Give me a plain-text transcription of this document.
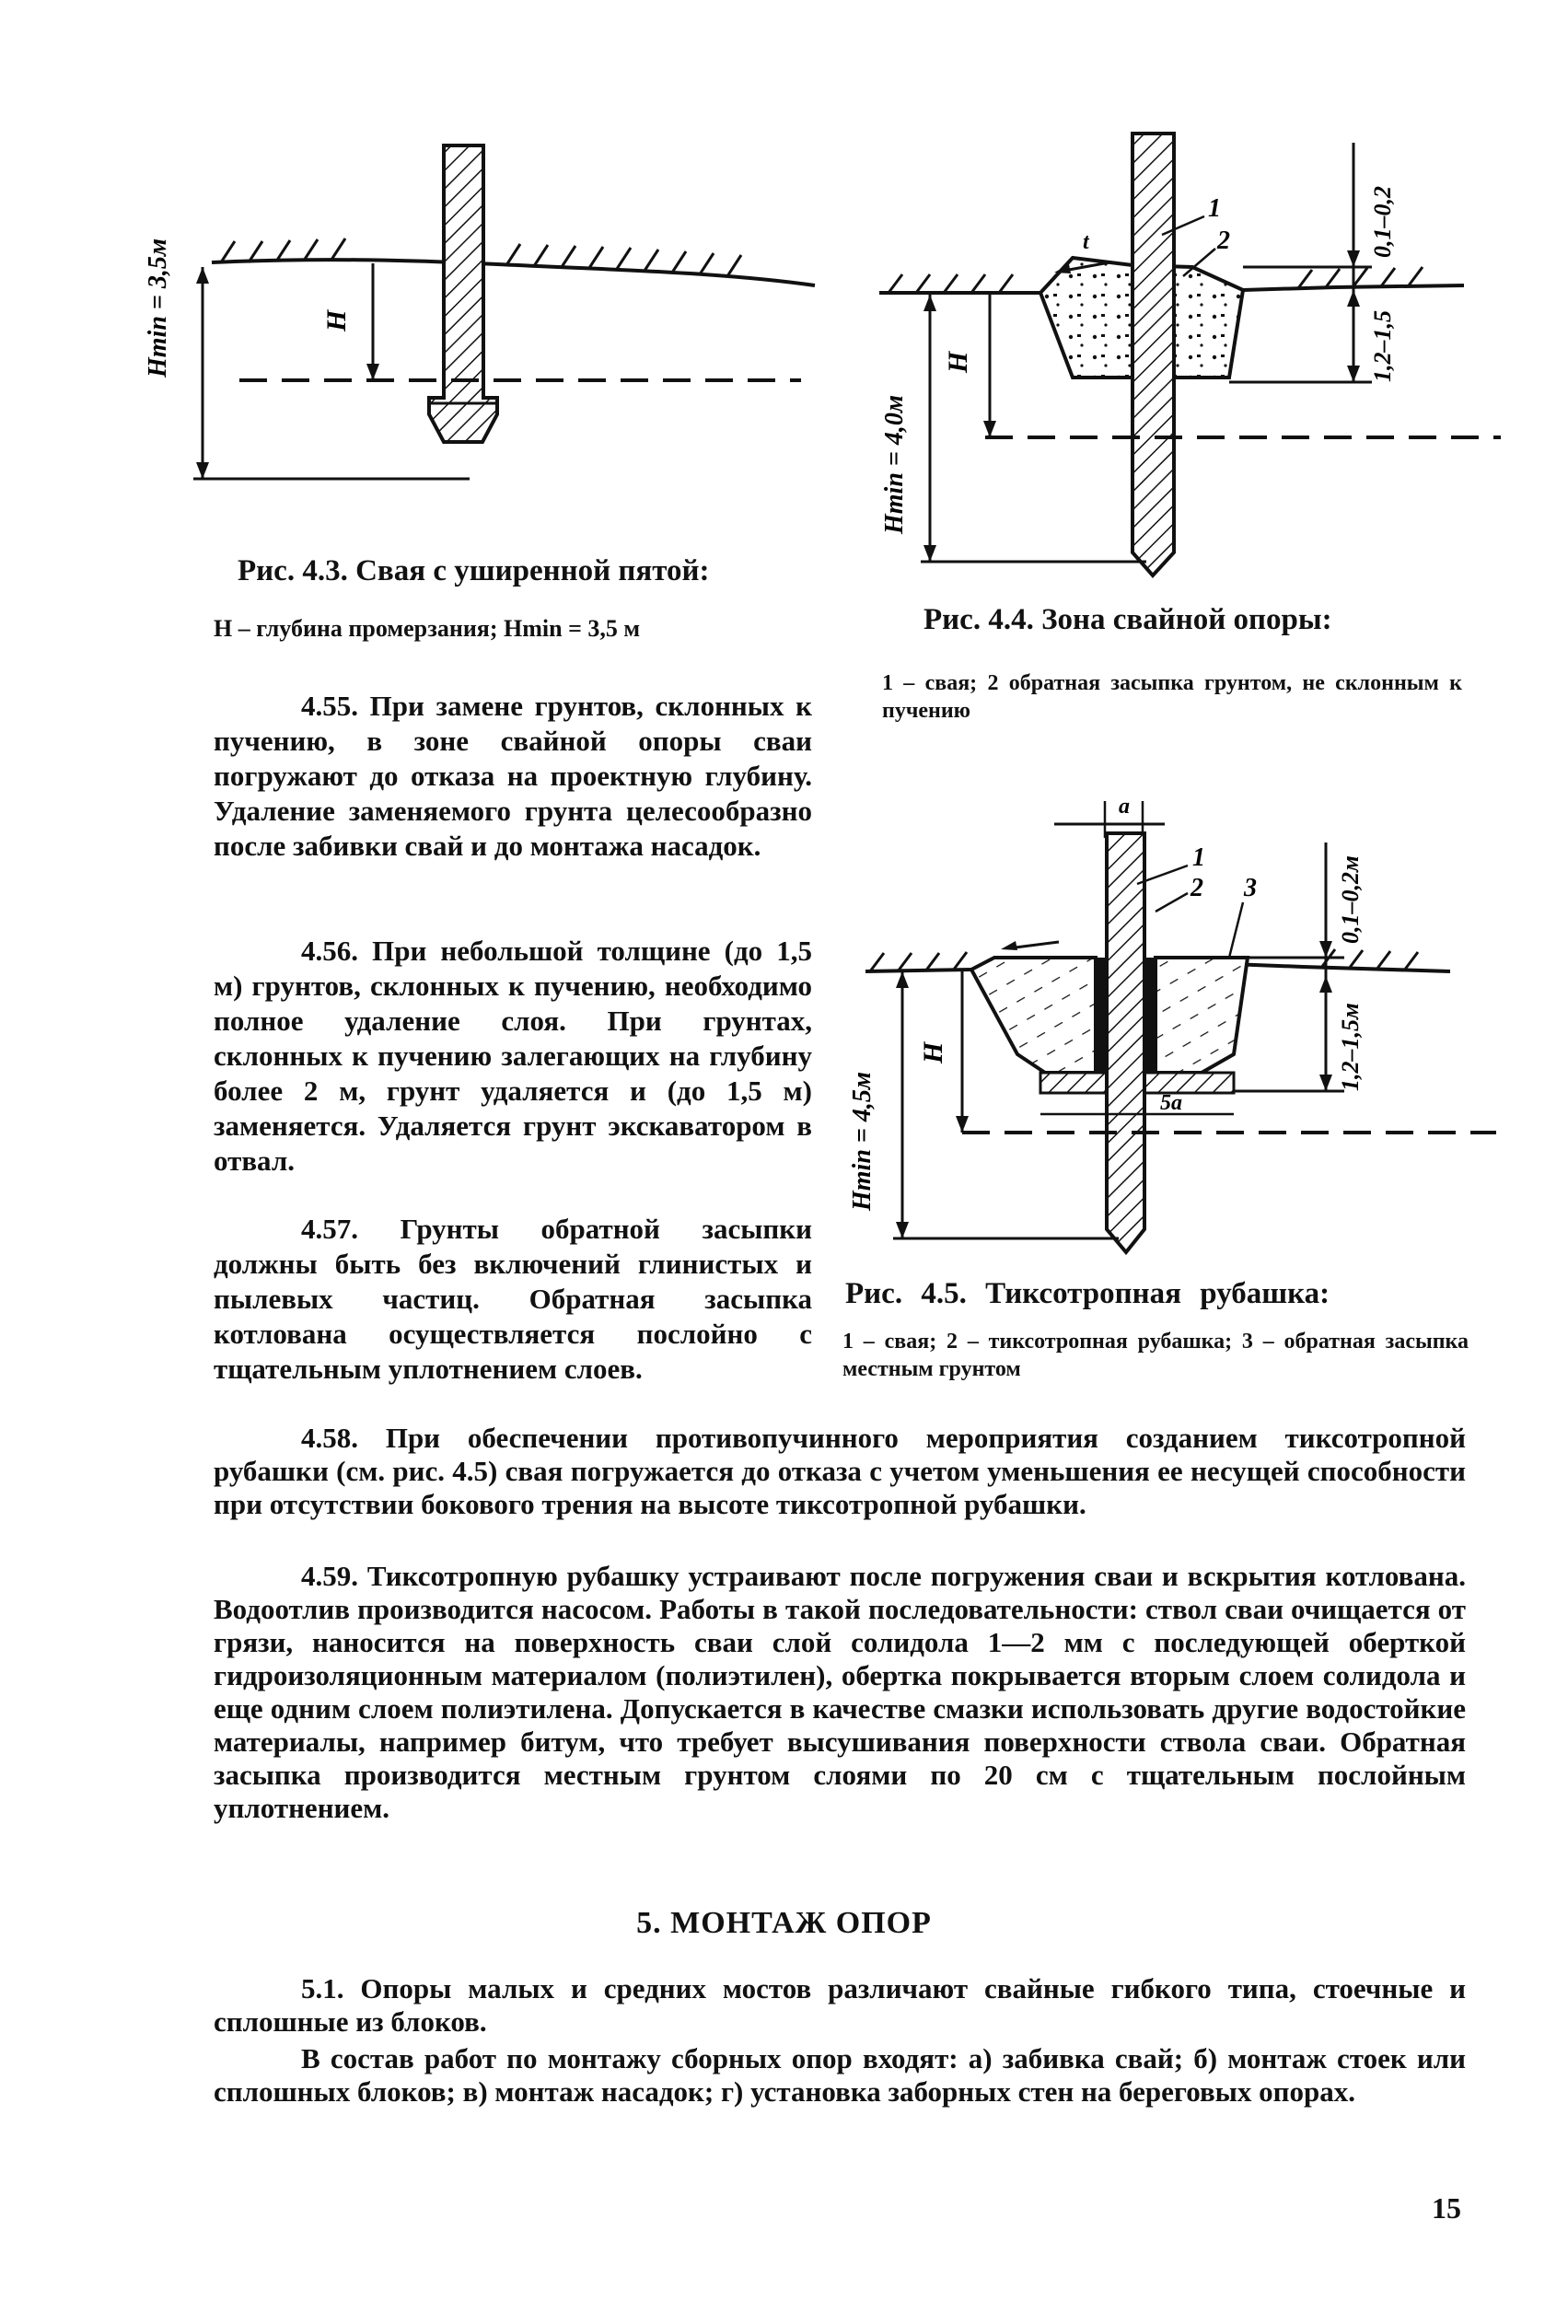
Hmin = 3,5м	H
Рис. 4.3. Свая с уширенной пятой:
H – глубина промерзания; Hmin = 3,5 м
t
1
2
Hmin = 4,0м
H
0,1–0,2
1,2–1,5
Рис. 4.4. Зона свайной опоры:
1 – свая; 2 обратная засыпка грунтом, не склонным к пучению
a
1
2 3
5a
Hmin = 4,5м
H
0,1–0,2м
1,2–1,5м
Рис. 4.5. Тиксотропная рубашка:
1 – свая; 2 – тиксотропная рубашка; 3 – обратная засыпка местным грунтом

4.55. При замене грунтов, склонных к пучению, в зоне свайной опоры сваи погружают до отказа на проектную глубину. Удаление заменяемого грунта целесообразно после забивки свай и до монтажа насадок.

4.56. При небольшой толщине (до 1,5 м) грунтов, склонных к пучению, необходимо полное удаление слоя. При грунтах, склонных к пучению залегающих на глубину более 2 м, грунт удаляется и (до 1,5 м) заменяется. Удаляется грунт экскаватором в отвал.

4.57. Грунты обратной засыпки должны быть без включений глинистых и пылевых частиц. Обратная засыпка котлована осуществляется послойно с тщательным уплотнением слоев.

4.58. При обеспечении противопучинного мероприятия созданием тиксотропной рубашки (см. рис. 4.5) свая погружается до отказа с учетом уменьшения ее несущей способности при отсутствии бокового трения на высоте тиксотропной рубашки.

4.59. Тиксотропную рубашку устраивают после погружения сваи и вскрытия котлована. Водоотлив производится насосом. Работы в такой последовательности: ствол сваи очищается от грязи, наносится на поверхность сваи слой солидола 1—2 мм с последующей оберткой гидроизоляционным материалом (полиэтилен), обертка покрывается вторым слоем солидола и еще одним слоем полиэтилена. Допускается в качестве смазки использовать другие водостойкие материалы, например битум, что требует высушивания поверхности ствола сваи. Обратная засыпка производится местным грунтом слоями по 20 см с тщательным послойным уплотнением.

5. МОНТАЖ ОПОР

5.1. Опоры малых и средних мостов различают свайные гибкого типа, стоечные и сплошные из блоков.

В состав работ по монтажу сборных опор входят: а) забивка свай; б) монтаж стоек или сплошных блоков; в) монтаж насадок; г) установка заборных стен на береговых опорах.

15
